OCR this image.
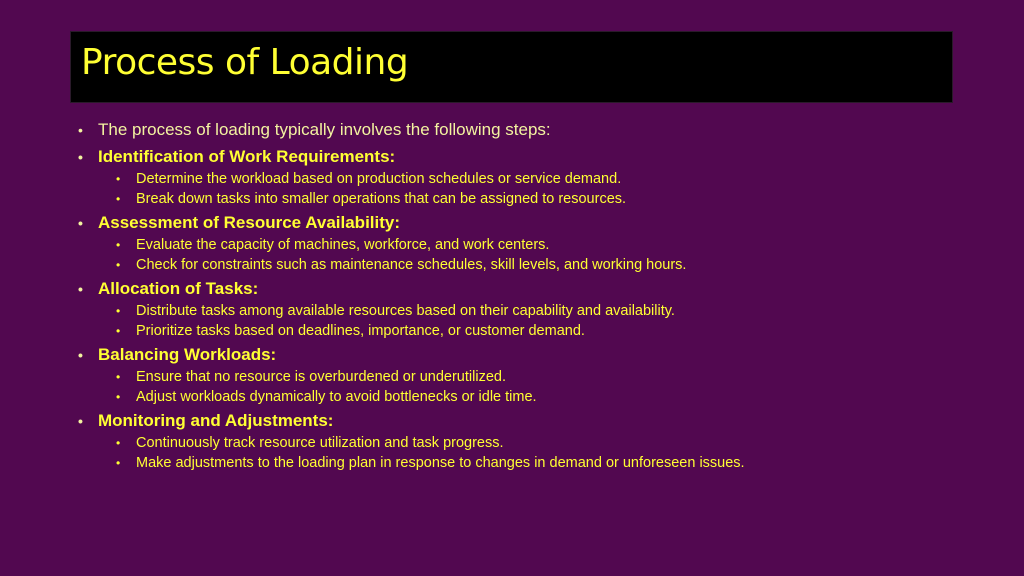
Process of Loading
• The process of loading typically involves the following steps:
• Identification of Work Requirements:
• Determine the workload based on production schedules or service demand.
• Break down tasks into smaller operations that can be assigned to resources.
• Assessment of Resource Availability:
• Evaluate the capacity of machines, workforce, and work centers.
• Check for constraints such as maintenance schedules, skill levels, and working hours.
• Allocation of Tasks:
• Distribute tasks among available resources based on their capability and availability.
• Prioritize tasks based on deadlines, importance, or customer demand.
• Balancing Workloads:
• Ensure that no resource is overburdened or underutilized.
• Adjust workloads dynamically to avoid bottlenecks or idle time.
• Monitoring and Adjustments:
• Continuously track resource utilization and task progress.
• Make adjustments to the loading plan in response to changes in demand or unforeseen issues.
